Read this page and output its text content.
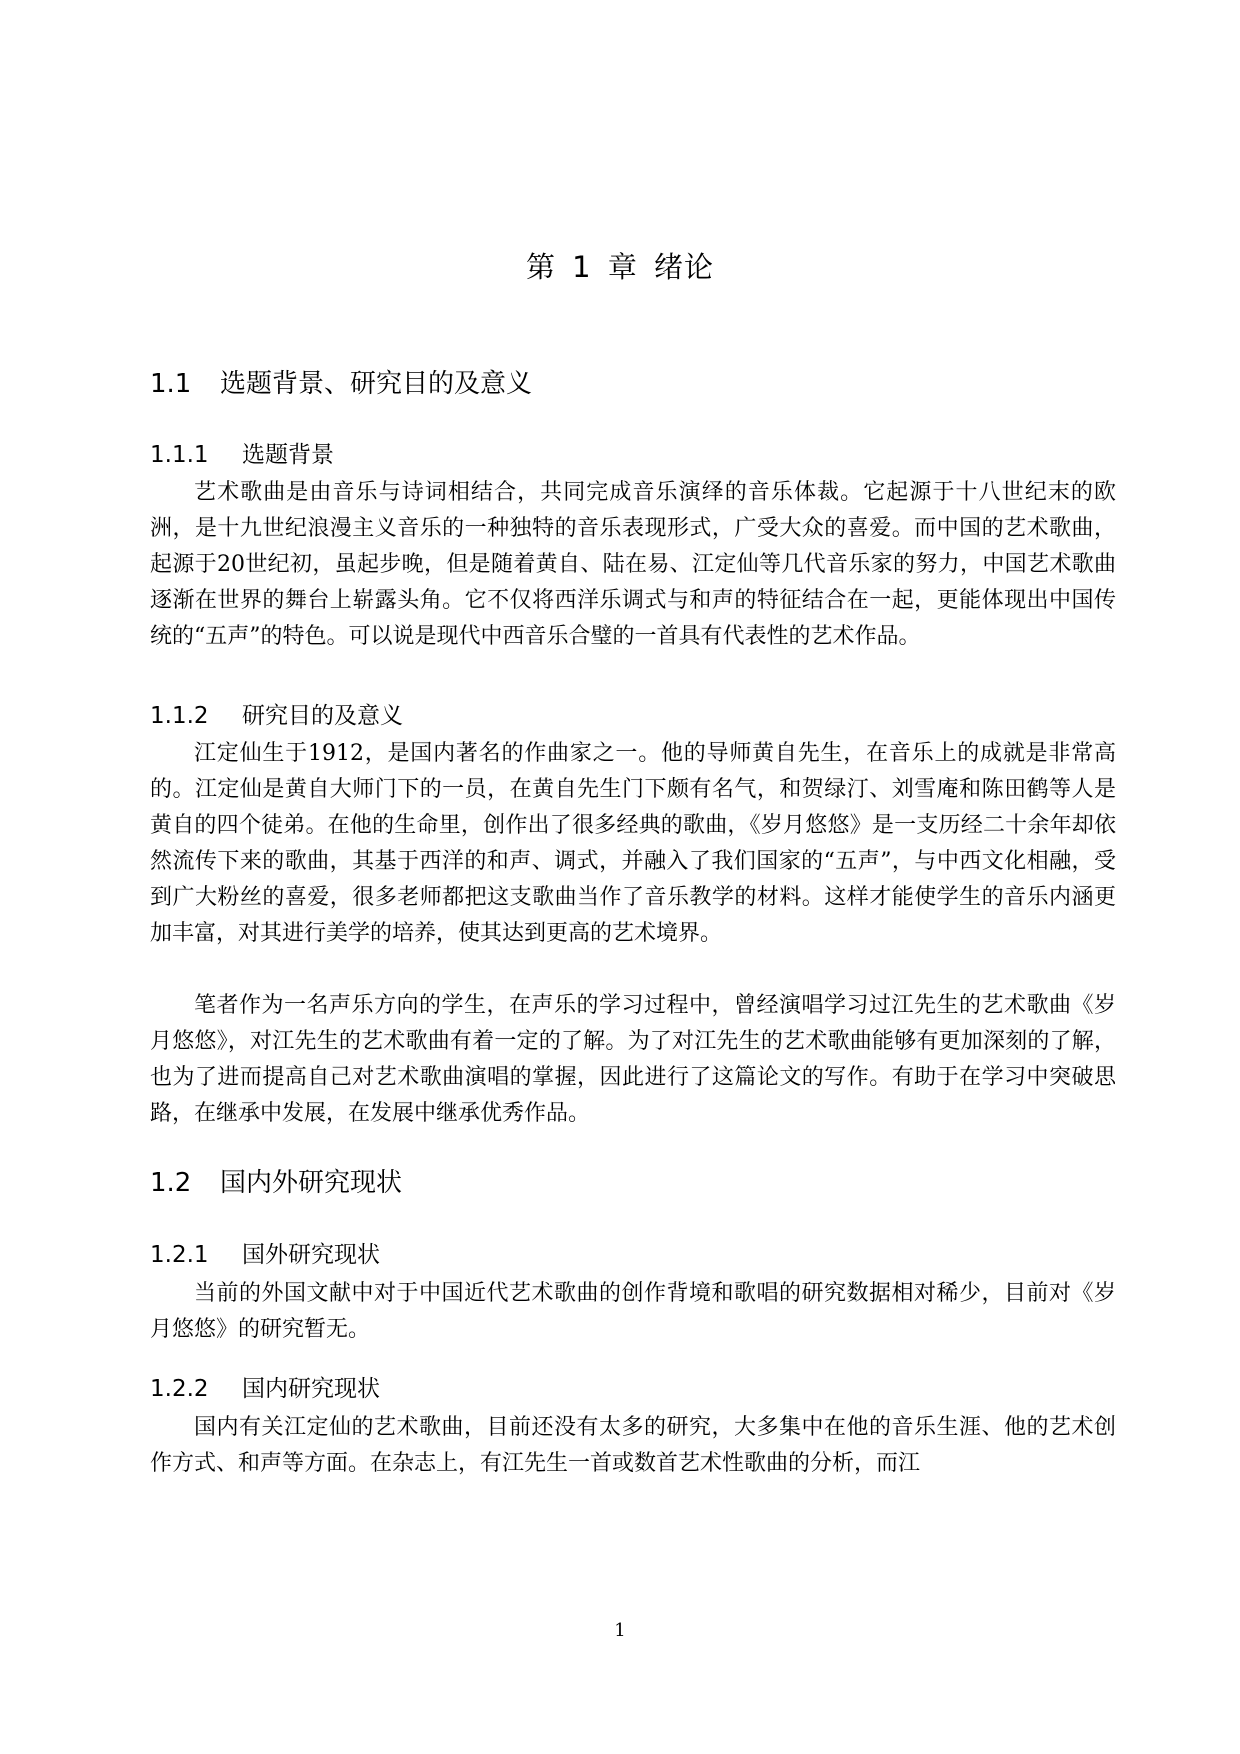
第 1 章 绪论
1.1 选题背景、研究目的及意义
1.1.1 选题背景

艺术歌曲是由音乐与诗词相结合，共同完成音乐演绎的音乐体裁。它起源于十八世纪末的欧洲，是十九世纪浪漫主义音乐的一种独特的音乐表现形式，广受大众的喜爱。而中国的艺术歌曲，起源于20世纪初，虽起步晚，但是随着黄自、陆在易、江定仙等几代音乐家的努力，中国艺术歌曲逐渐在世界的舞台上崭露头角。它不仅将西洋乐调式与和声的特征结合在一起，更能体现出中国传统的“五声”的特色。可以说是现代中西音乐合璧的一首具有代表性的艺术作品。

1.1.2 研究目的及意义

江定仙生于1912，是国内著名的作曲家之一。他的导师黄自先生，在音乐上的成就是非常高的。江定仙是黄自大师门下的一员，在黄自先生门下颇有名气，和贺绿汀、刘雪庵和陈田鹤等人是黄自的四个徒弟。在他的生命里，创作出了很多经典的歌曲，《岁月悠悠》是一支历经二十余年却依然流传下来的歌曲，其基于西洋的和声、调式，并融入了我们国家的“五声”，与中西文化相融，受到广大粉丝的喜爱，很多老师都把这支歌曲当作了音乐教学的材料。这样才能使学生的音乐内涵更加丰富，对其进行美学的培养，使其达到更高的艺术境界。

笔者作为一名声乐方向的学生，在声乐的学习过程中，曾经演唱学习过江先生的艺术歌曲《岁月悠悠》，对江先生的艺术歌曲有着一定的了解。为了对江先生的艺术歌曲能够有更加深刻的了解，也为了进而提高自己对艺术歌曲演唱的掌握，因此进行了这篇论文的写作。有助于在学习中突破思路，在继承中发展，在发展中继承优秀作品。

1.2 国内外研究现状
1.2.1 国外研究现状

当前的外国文献中对于中国近代艺术歌曲的创作背境和歌唱的研究数据相对稀少，目前对《岁月悠悠》的研究暂无。

1.2.2 国内研究现状

国内有关江定仙的艺术歌曲，目前还没有太多的研究，大多集中在他的音乐生涯、他的艺术创作方式、和声等方面。在杂志上，有江先生一首或数首艺术性歌曲的分析，而江

1
